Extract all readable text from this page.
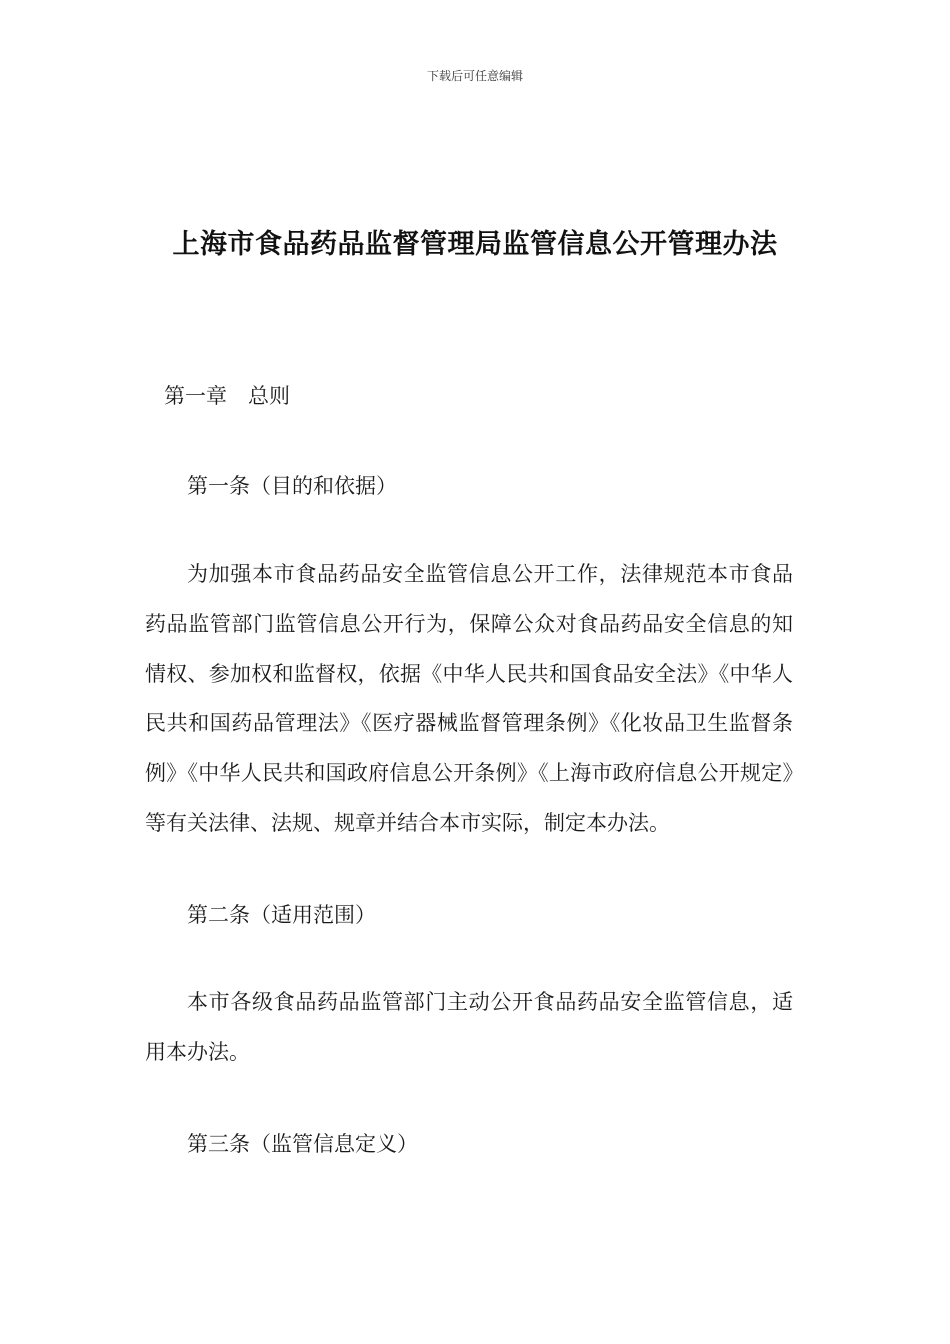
下载后可任意编辑
上海市食品药品监督管理局监管信息公开管理办法
第一章　总则
第一条（目的和依据）

为加强本市食品药品安全监管信息公开工作，法律规范本市食品药品监管部门监管信息公开行为，保障公众对食品药品安全信息的知情权、参加权和监督权，依据《中华人民共和国食品安全法》《中华人民共和国药品管理法》《医疗器械监督管理条例》《化妆品卫生监督条例》《中华人民共和国政府信息公开条例》《上海市政府信息公开规定》等有关法律、法规、规章并结合本市实际，制定本办法。

第二条（适用范围）

本市各级食品药品监管部门主动公开食品药品安全监管信息，适用本办法。

第三条（监管信息定义）
